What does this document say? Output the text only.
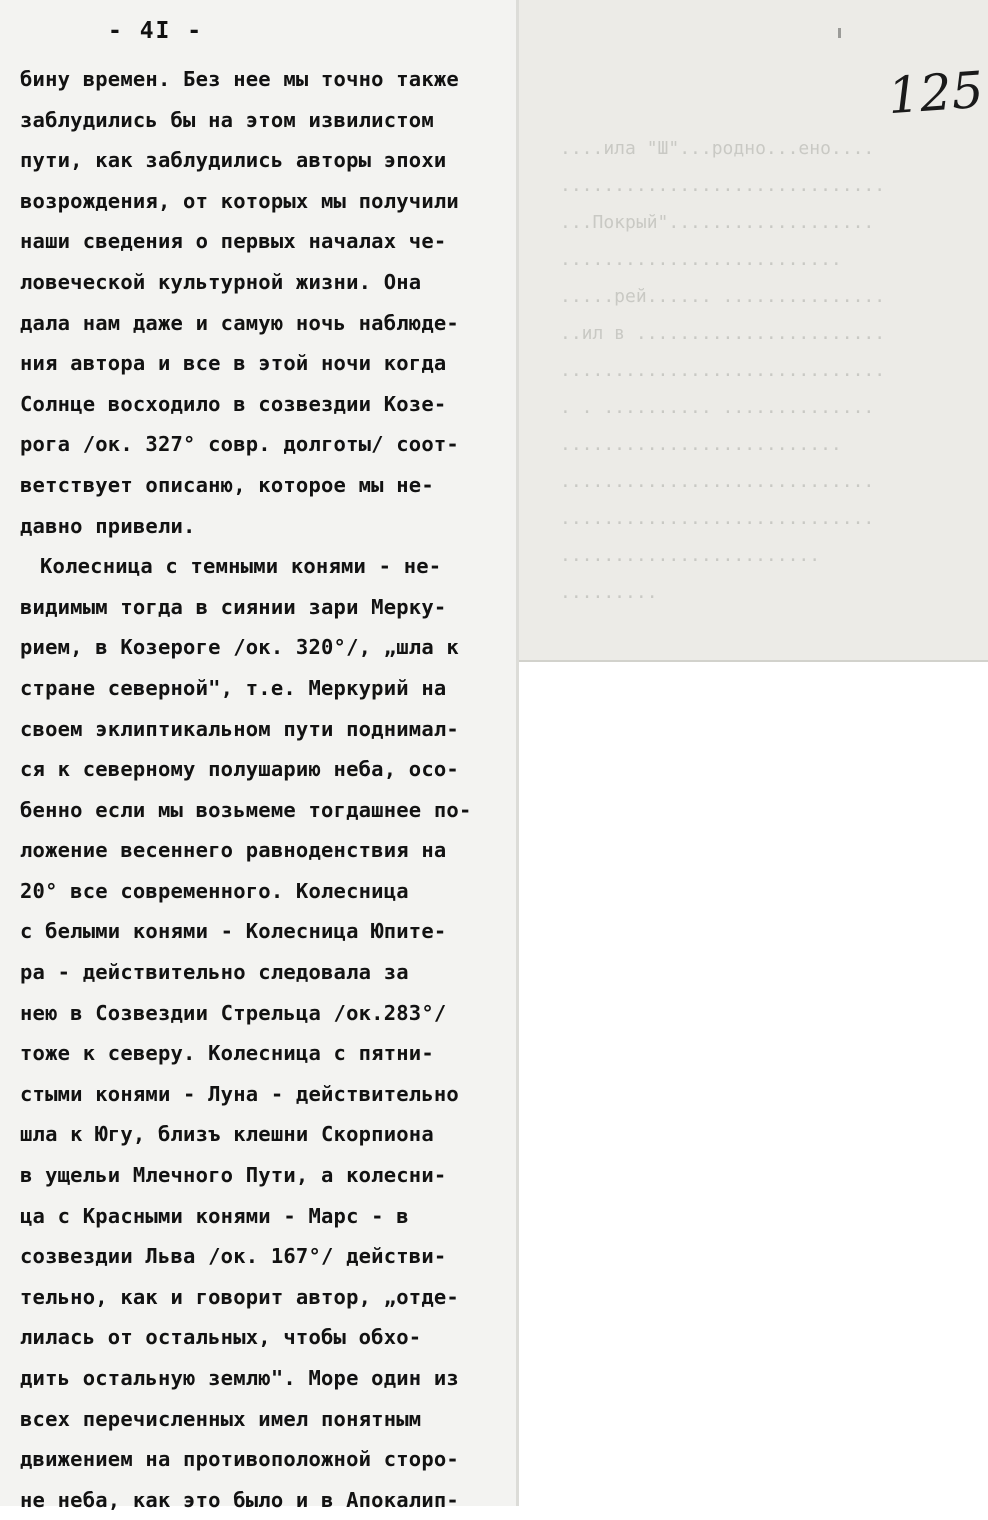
....ила "Ш"...родно...ено....
..............................
...Покрый"...................
..........................
.....рей...... ...............
..ил в .......................
..............................
. . .......... ..............
..........................
.............................
.............................
........................
.........
- 4I -
125
бину времен. Без нее мы точно также
заблудились бы на этом извилистом
пути, как заблудились авторы эпохи
возрождения, от которых мы получили
наши сведения о первых началах че-
ловеческой культурной жизни. Она
дала нам даже и самую ночь наблюде-
ния автора и все в этой ночи когда
Солнце восходило в созвездии Козе-
рога /ок. 327° совр. долготы/ соот-
ветствует описаню, которое мы не-
давно привели.
Колесница с темными конями - не-
видимым тогда в сиянии зари Мерку-
рием, в Козероге /ок. 320°/, „шла к
стране северной", т.е. Меркурий на
своем эклиптикальном пути поднимал-
ся к северному полушарию неба, осо-
бенно если мы возьмеме тогдашнее по-
ложение весеннего равноденствия на
20° все современного. Колесница
с белыми конями - Колесница Юпите-
ра - действительно следовала за
нею в Созвездии Стрельца /ок.283°/
тоже к северу. Колесница с пятни-
стыми конями - Луна - действительно
шла к Югу, близъ клешни Скорпиона
в ущельи Млечного Пути, а колесни-
ца с Красными конями - Марс - в
созвездии Льва /ок. 167°/ действи-
тельно, как и говорит автор, „отде-
лилась от остальных, чтобы обхо-
дить остальную землю". Море один из
всех перечисленных имел понятным
движением на противоположной сторо-
не неба, как это было и в Апокалип-
